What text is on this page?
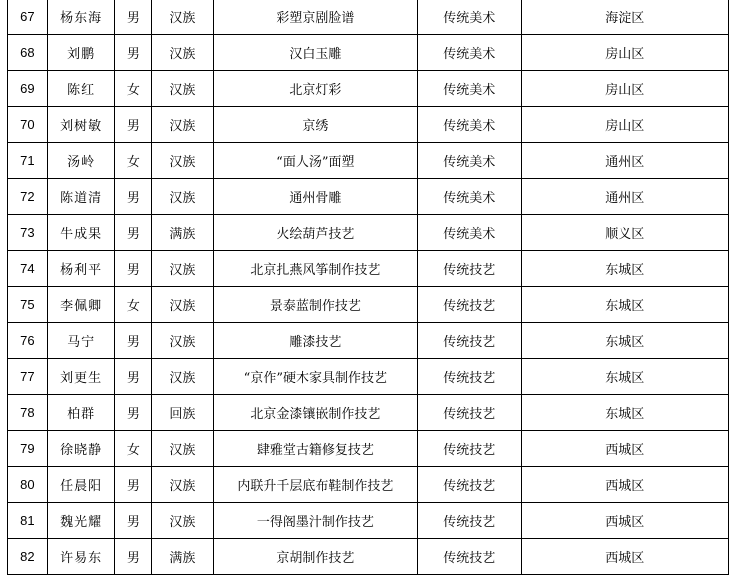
67	杨东海	男	汉族	彩塑京剧脸谱	传统美术	海淀区
68	刘鹏	男	汉族	汉白玉雕	传统美术	房山区
69	陈红	女	汉族	北京灯彩	传统美术	房山区
70	刘树敏	男	汉族	京绣	传统美术	房山区
71	汤岭	女	汉族	“面人汤”面塑	传统美术	通州区
72	陈道清	男	汉族	通州骨雕	传统美术	通州区
73	牛成果	男	满族	火绘葫芦技艺	传统美术	顺义区
74	杨利平	男	汉族	北京扎燕风筝制作技艺	传统技艺	东城区
75	李佩卿	女	汉族	景泰蓝制作技艺	传统技艺	东城区
76	马宁	男	汉族	雕漆技艺	传统技艺	东城区
77	刘更生	男	汉族	“京作”硬木家具制作技艺	传统技艺	东城区
78	柏群	男	回族	北京金漆镶嵌制作技艺	传统技艺	东城区
79	徐晓静	女	汉族	肆雅堂古籍修复技艺	传统技艺	西城区
80	任晨阳	男	汉族	内联升千层底布鞋制作技艺	传统技艺	西城区
81	魏光耀	男	汉族	一得阁墨汁制作技艺	传统技艺	西城区
82	许易东	男	满族	京胡制作技艺	传统技艺	西城区
